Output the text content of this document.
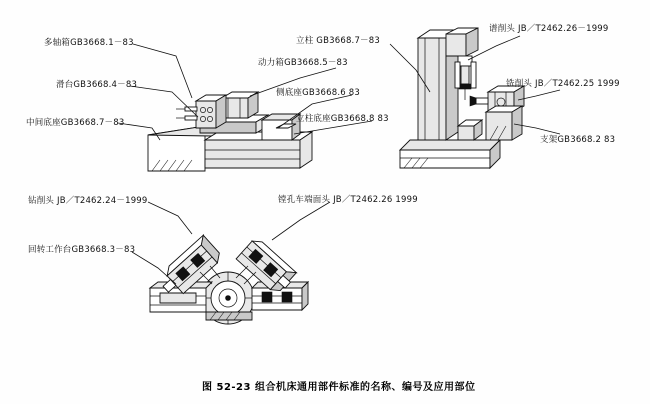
多轴箱GB3668.1－83
滑台GB3668.4－83
中间底座GB3668.7－83
动力箱GB3668.5－83
侧底座GB3668.6 83
立柱底座GB3668.8 83
立柱 GB3668.7－83
谱削头 JB／T2462.26－1999
铣削头 JB／T2462.25 1999
支架GB3668.2 83
钻削头 JB／T2462.24－1999
回转工作台GB3668.3－83
镗孔车端面头 JB／T2462.26 1999
图 52-23 组合机床通用部件标准的名称、编号及应用部位
